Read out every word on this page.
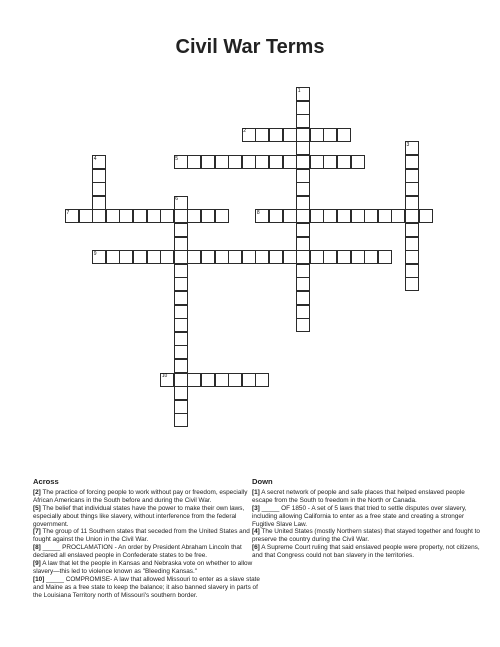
Civil War Terms
1
2
3
4	5
6
7	8
9
10
Across

[2] The practice of forcing people to work without pay or freedom, especially African Americans in the South before and during the Civil War.

[5] The belief that individual states have the power to make their own laws, especially about things like slavery, without interference from the federal government.

[7] The group of 11 Southern states that seceded from the United States and fought against the Union in the Civil War.

[8] _____ PROCLAMATION - An order by President Abraham Lincoln that declared all enslaved people in Confederate states to be free.

[9] A law that let the people in Kansas and Nebraska vote on whether to allow slavery—this led to violence known as "Bleeding Kansas."

[10] _____ COMPROMISE- A law that allowed Missouri to enter as a slave state and Maine as a free state to keep the balance; it also banned slavery in parts of the Louisiana Territory north of Missouri's southern border.

Down

[1] A secret network of people and safe places that helped enslaved people escape from the South to freedom in the North or Canada.

[3] _____ OF 1850 - A set of 5 laws that tried to settle disputes over slavery, including allowing California to enter as a free state and creating a stronger Fugitive Slave Law.

[4] The United States (mostly Northern states) that stayed together and fought to preserve the country during the Civil War.

[6] A Supreme Court ruling that said enslaved people were property, not citizens, and that Congress could not ban slavery in the territories.
